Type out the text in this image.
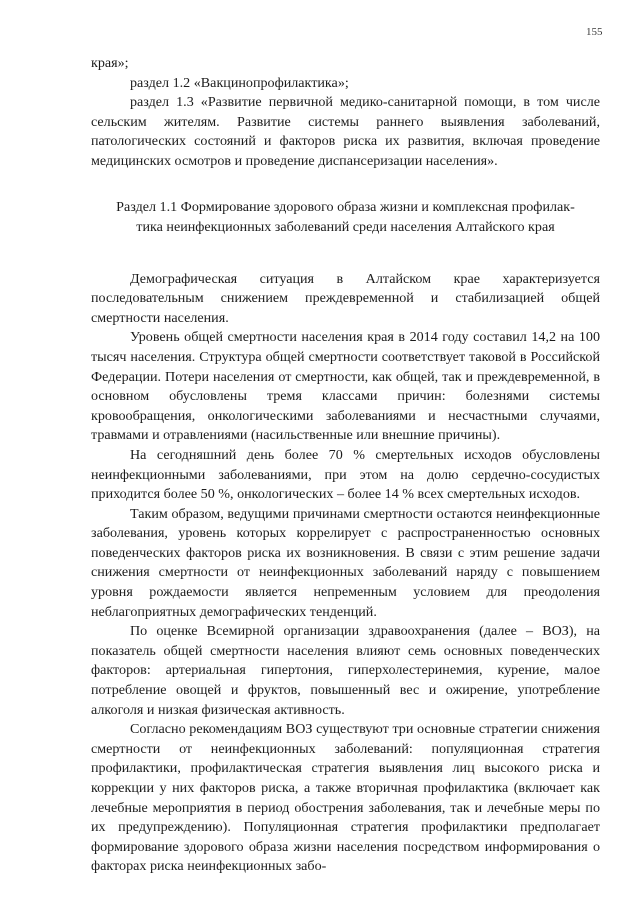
155

края»;

раздел 1.2 «Вакцинопрофилактика»;

раздел 1.3 «Развитие первичной медико-санитарной помощи, в том числе сельским жителям. Развитие системы раннего выявления заболеваний, патологических состояний и факторов риска их развития, включая проведение медицинских осмотров и проведение диспансеризации населения».

Раздел 1.1 Формирование здорового образа жизни и комплексная профилак-
тика неинфекционных заболеваний среди населения Алтайского края

Демографическая ситуация в Алтайском крае характеризуется последовательным снижением преждевременной и стабилизацией общей смертности населения.

Уровень общей смертности населения края в 2014 году составил 14,2 на 100 тысяч населения. Структура общей смертности соответствует таковой в Российской Федерации. Потери населения от смертности, как общей, так и преждевременной, в основном обусловлены тремя классами причин: болезнями системы кровообращения, онкологическими заболеваниями и несчастными случаями, травмами и отравлениями (насильственные или внешние причины).

На сегодняшний день более 70 % смертельных исходов обусловлены неинфекционными заболеваниями, при этом на долю сердечно-сосудистых приходится более 50 %, онкологических – более 14 % всех смертельных исходов.

Таким образом, ведущими причинами смертности остаются неинфекционные заболевания, уровень которых коррелирует с распространенностью основных поведенческих факторов риска их возникновения. В связи с этим решение задачи снижения смертности от неинфекционных заболеваний наряду с повышением уровня рождаемости является непременным условием для преодоления неблагоприятных демографических тенденций.

По оценке Всемирной организации здравоохранения (далее – ВОЗ), на показатель общей смертности населения влияют семь основных поведенческих факторов: артериальная гипертония, гиперхолестеринемия, курение, малое потребление овощей и фруктов, повышенный вес и ожирение, употребление алкоголя и низкая физическая активность.

Согласно рекомендациям ВОЗ существуют три основные стратегии снижения смертности от неинфекционных заболеваний: популяционная стратегия профилактики, профилактическая стратегия выявления лиц высокого риска и коррекции у них факторов риска, а также вторичная профилактика (включает как лечебные мероприятия в период обострения заболевания, так и лечебные меры по их предупреждению). Популяционная стратегия профилактики предполагает формирование здорового образа жизни населения посредством информирования о факторах риска неинфекционных забо-
